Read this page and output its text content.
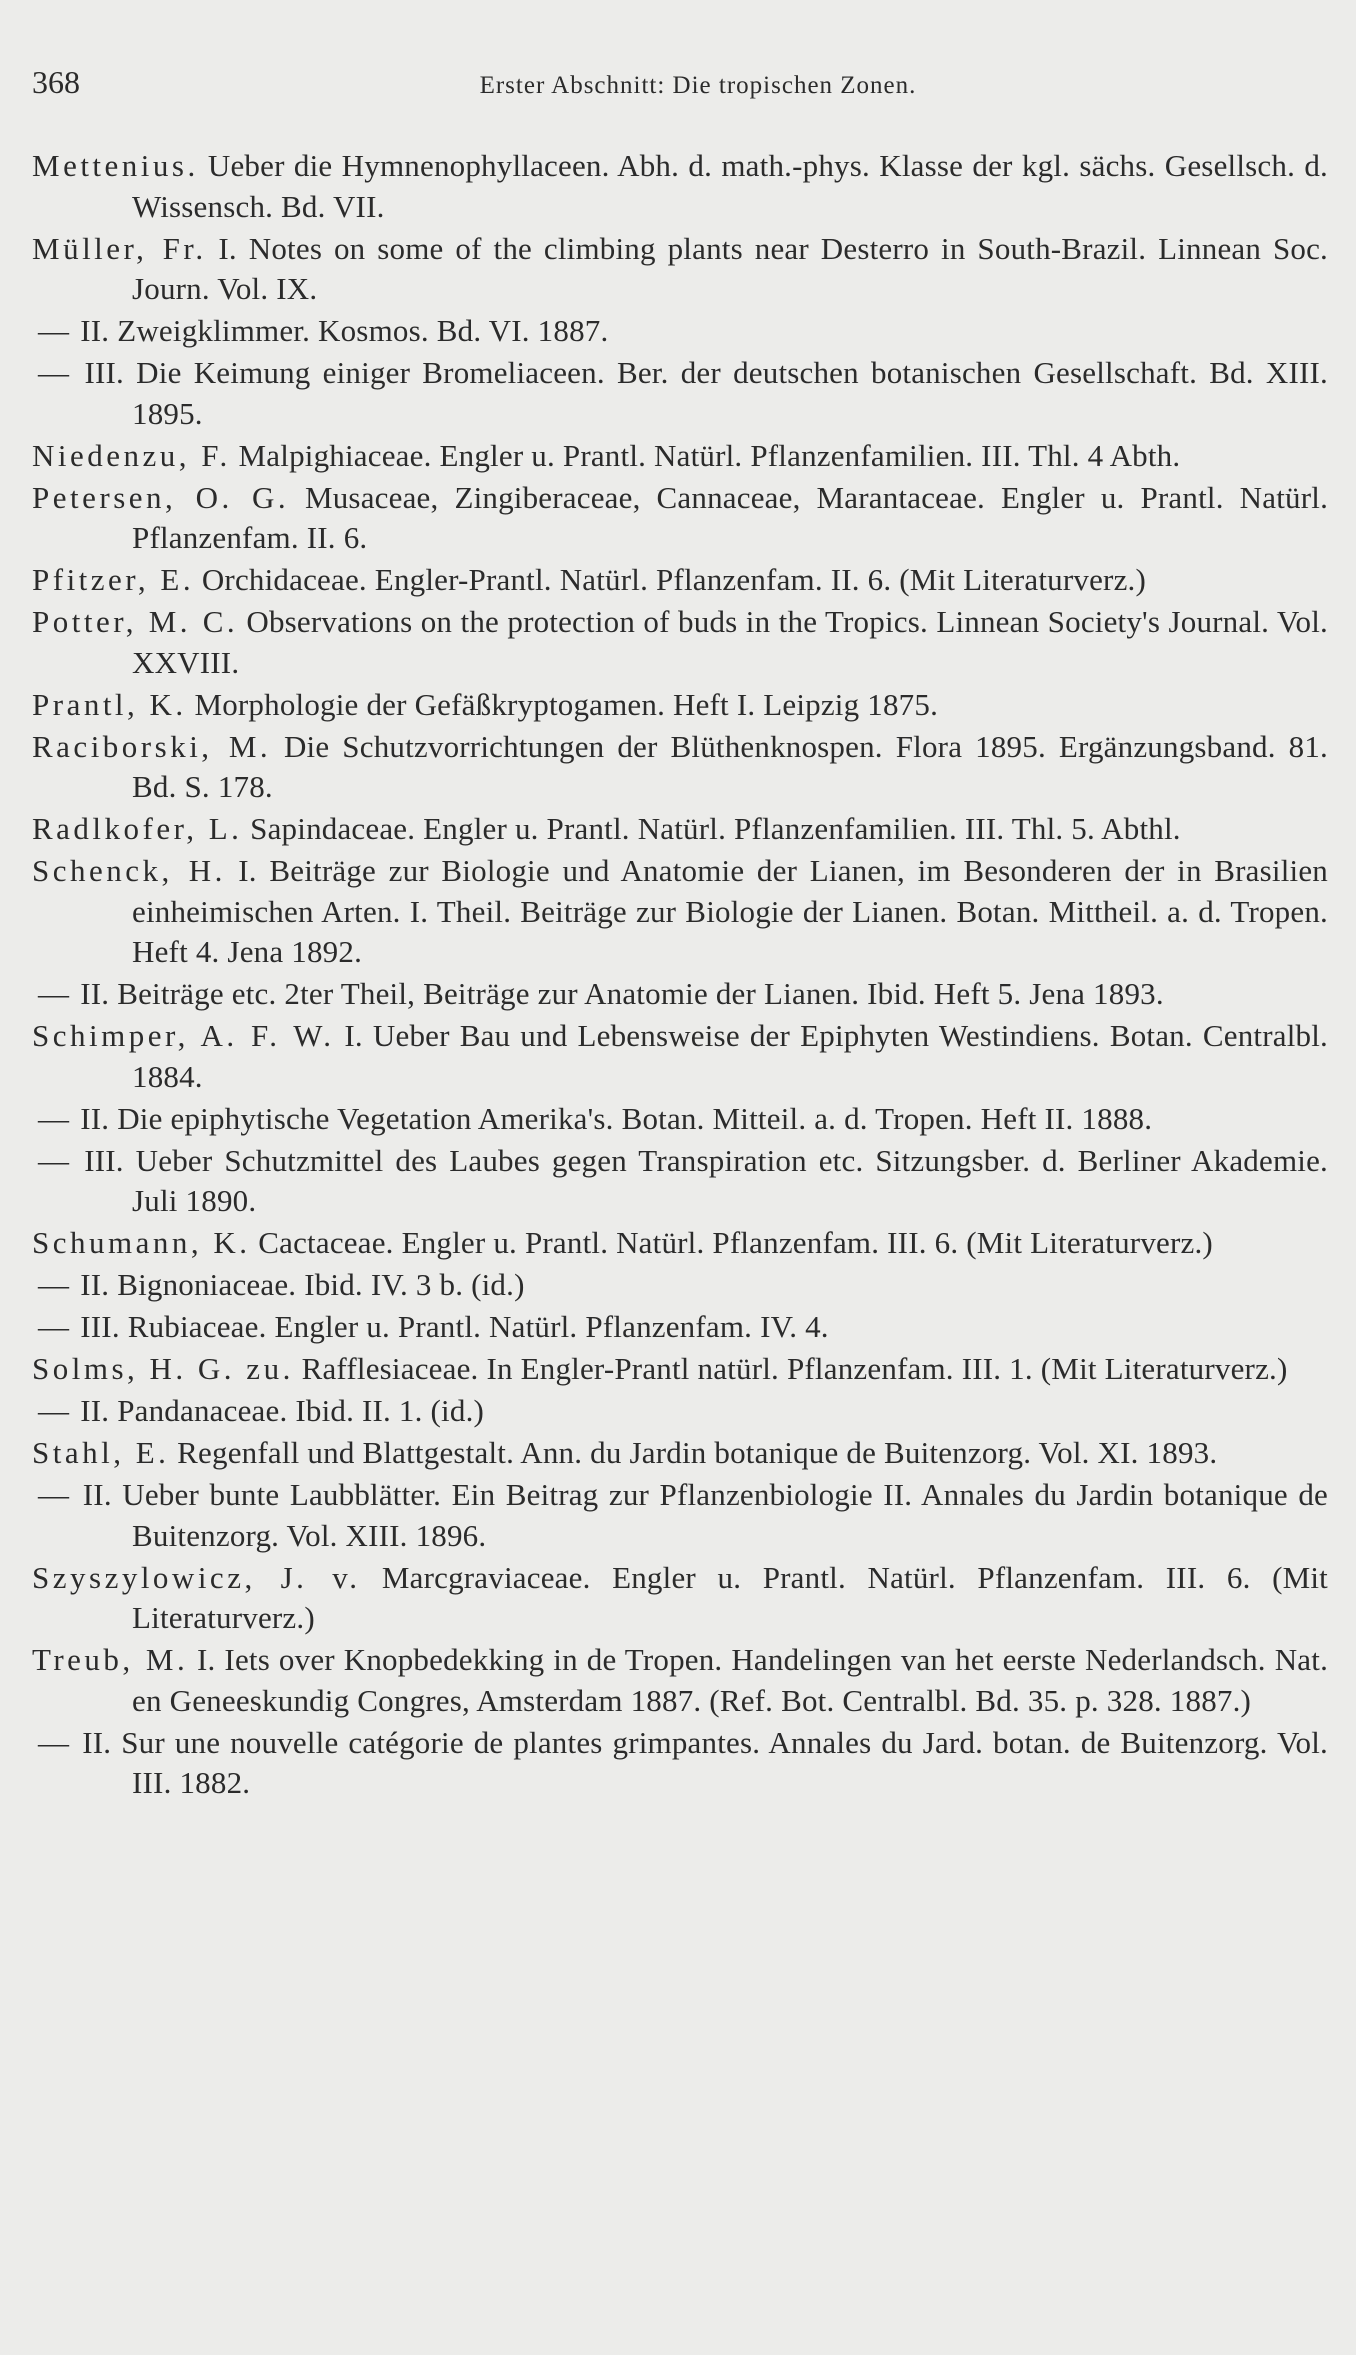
368	Erster Abschnitt: Die tropischen Zonen.
Mettenius. Ueber die Hymnenophyllaceen. Abh. d. math.-phys. Klasse der kgl. sächs. Gesellsch. d. Wissensch. Bd. VII.
Müller, Fr. I. Notes on some of the climbing plants near Desterro in South-Brazil. Linnean Soc. Journ. Vol. IX.
— II. Zweigklimmer. Kosmos. Bd. VI. 1887.
— III. Die Keimung einiger Bromeliaceen. Ber. der deutschen botanischen Gesellschaft. Bd. XIII. 1895.
Niedenzu, F. Malpighiaceae. Engler u. Prantl. Natürl. Pflanzenfamilien. III. Thl. 4 Abth.
Petersen, O. G. Musaceae, Zingiberaceae, Cannaceae, Marantaceae. Engler u. Prantl. Natürl. Pflanzenfam. II. 6.
Pfitzer, E. Orchidaceae. Engler-Prantl. Natürl. Pflanzenfam. II. 6. (Mit Literaturverz.)
Potter, M. C. Observations on the protection of buds in the Tropics. Linnean Society's Journal. Vol. XXVIII.
Prantl, K. Morphologie der Gefäßkryptogamen. Heft I. Leipzig 1875.
Raciborski, M. Die Schutzvorrichtungen der Blüthenknospen. Flora 1895. Ergänzungsband. 81. Bd. S. 178.
Radlkofer, L. Sapindaceae. Engler u. Prantl. Natürl. Pflanzenfamilien. III. Thl. 5. Abthl.
Schenck, H. I. Beiträge zur Biologie und Anatomie der Lianen, im Besonderen der in Brasilien einheimischen Arten. I. Theil. Beiträge zur Biologie der Lianen. Botan. Mittheil. a. d. Tropen. Heft 4. Jena 1892.
— II. Beiträge etc. 2ter Theil, Beiträge zur Anatomie der Lianen. Ibid. Heft 5. Jena 1893.
Schimper, A. F. W. I. Ueber Bau und Lebensweise der Epiphyten Westindiens. Botan. Centralbl. 1884.
— II. Die epiphytische Vegetation Amerika's. Botan. Mitteil. a. d. Tropen. Heft II. 1888.
— III. Ueber Schutzmittel des Laubes gegen Transpiration etc. Sitzungsber. d. Berliner Akademie. Juli 1890.
Schumann, K. Cactaceae. Engler u. Prantl. Natürl. Pflanzenfam. III. 6. (Mit Literaturverz.)
— II. Bignoniaceae. Ibid. IV. 3 b. (id.)
— III. Rubiaceae. Engler u. Prantl. Natürl. Pflanzenfam. IV. 4.
Solms, H. G. zu. Rafflesiaceae. In Engler-Prantl natürl. Pflanzenfam. III. 1. (Mit Literaturverz.)
— II. Pandanaceae. Ibid. II. 1. (id.)
Stahl, E. Regenfall und Blattgestalt. Ann. du Jardin botanique de Buitenzorg. Vol. XI. 1893.
— II. Ueber bunte Laubblätter. Ein Beitrag zur Pflanzenbiologie II. Annales du Jardin botanique de Buitenzorg. Vol. XIII. 1896.
Szyszylowicz, J. v. Marcgraviaceae. Engler u. Prantl. Natürl. Pflanzenfam. III. 6. (Mit Literaturverz.)
Treub, M. I. Iets over Knopbedekking in de Tropen. Handelingen van het eerste Nederlandsch. Nat. en Geneeskundig Congres, Amsterdam 1887. (Ref. Bot. Centralbl. Bd. 35. p. 328. 1887.)
— II. Sur une nouvelle catégorie de plantes grimpantes. Annales du Jard. botan. de Buitenzorg. Vol. III. 1882.
